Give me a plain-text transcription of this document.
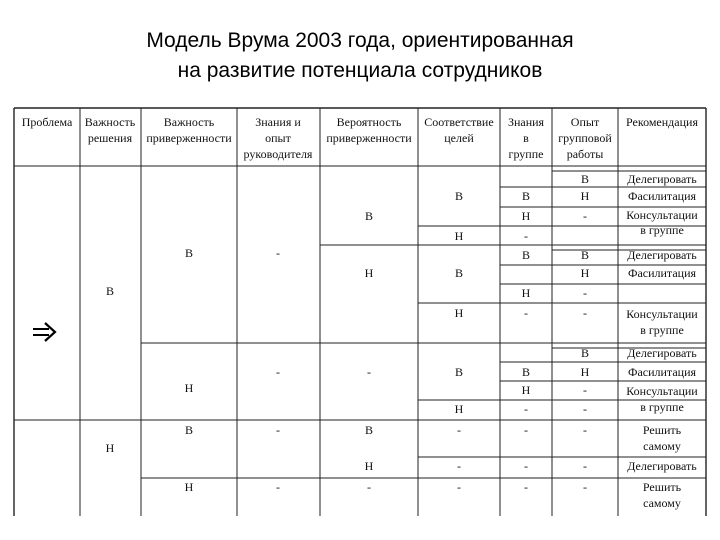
Модель Врума 2003 года, ориентированная
на развитие потенциала сотрудников
Проблема Важность
решения
Важность
приверженности
Знания и
опыт
руководителя
Вероятность
приверженности
Соответствие
целей
Знания
в
группе
Опыт
групповой
работы
Рекомендация
В
Н
В
Н
В
Н
-
-
-
-
В
Н
-
В
Н
-
В
Н
В
Н
В
Н
-
-
-
В
Н
-
В
Н
-
В
Н
-
-
-
-
В
Н
-
В
Н
-
-
В
Н
-
-
-
-
-
Делегировать
Фасилитация
Консультации
в группе
Делегировать
Фасилитация
Консультации
в группе
Делегировать
Фасилитация
Консультации
в группе
Решить
самому
Делегировать
Решить
самому
